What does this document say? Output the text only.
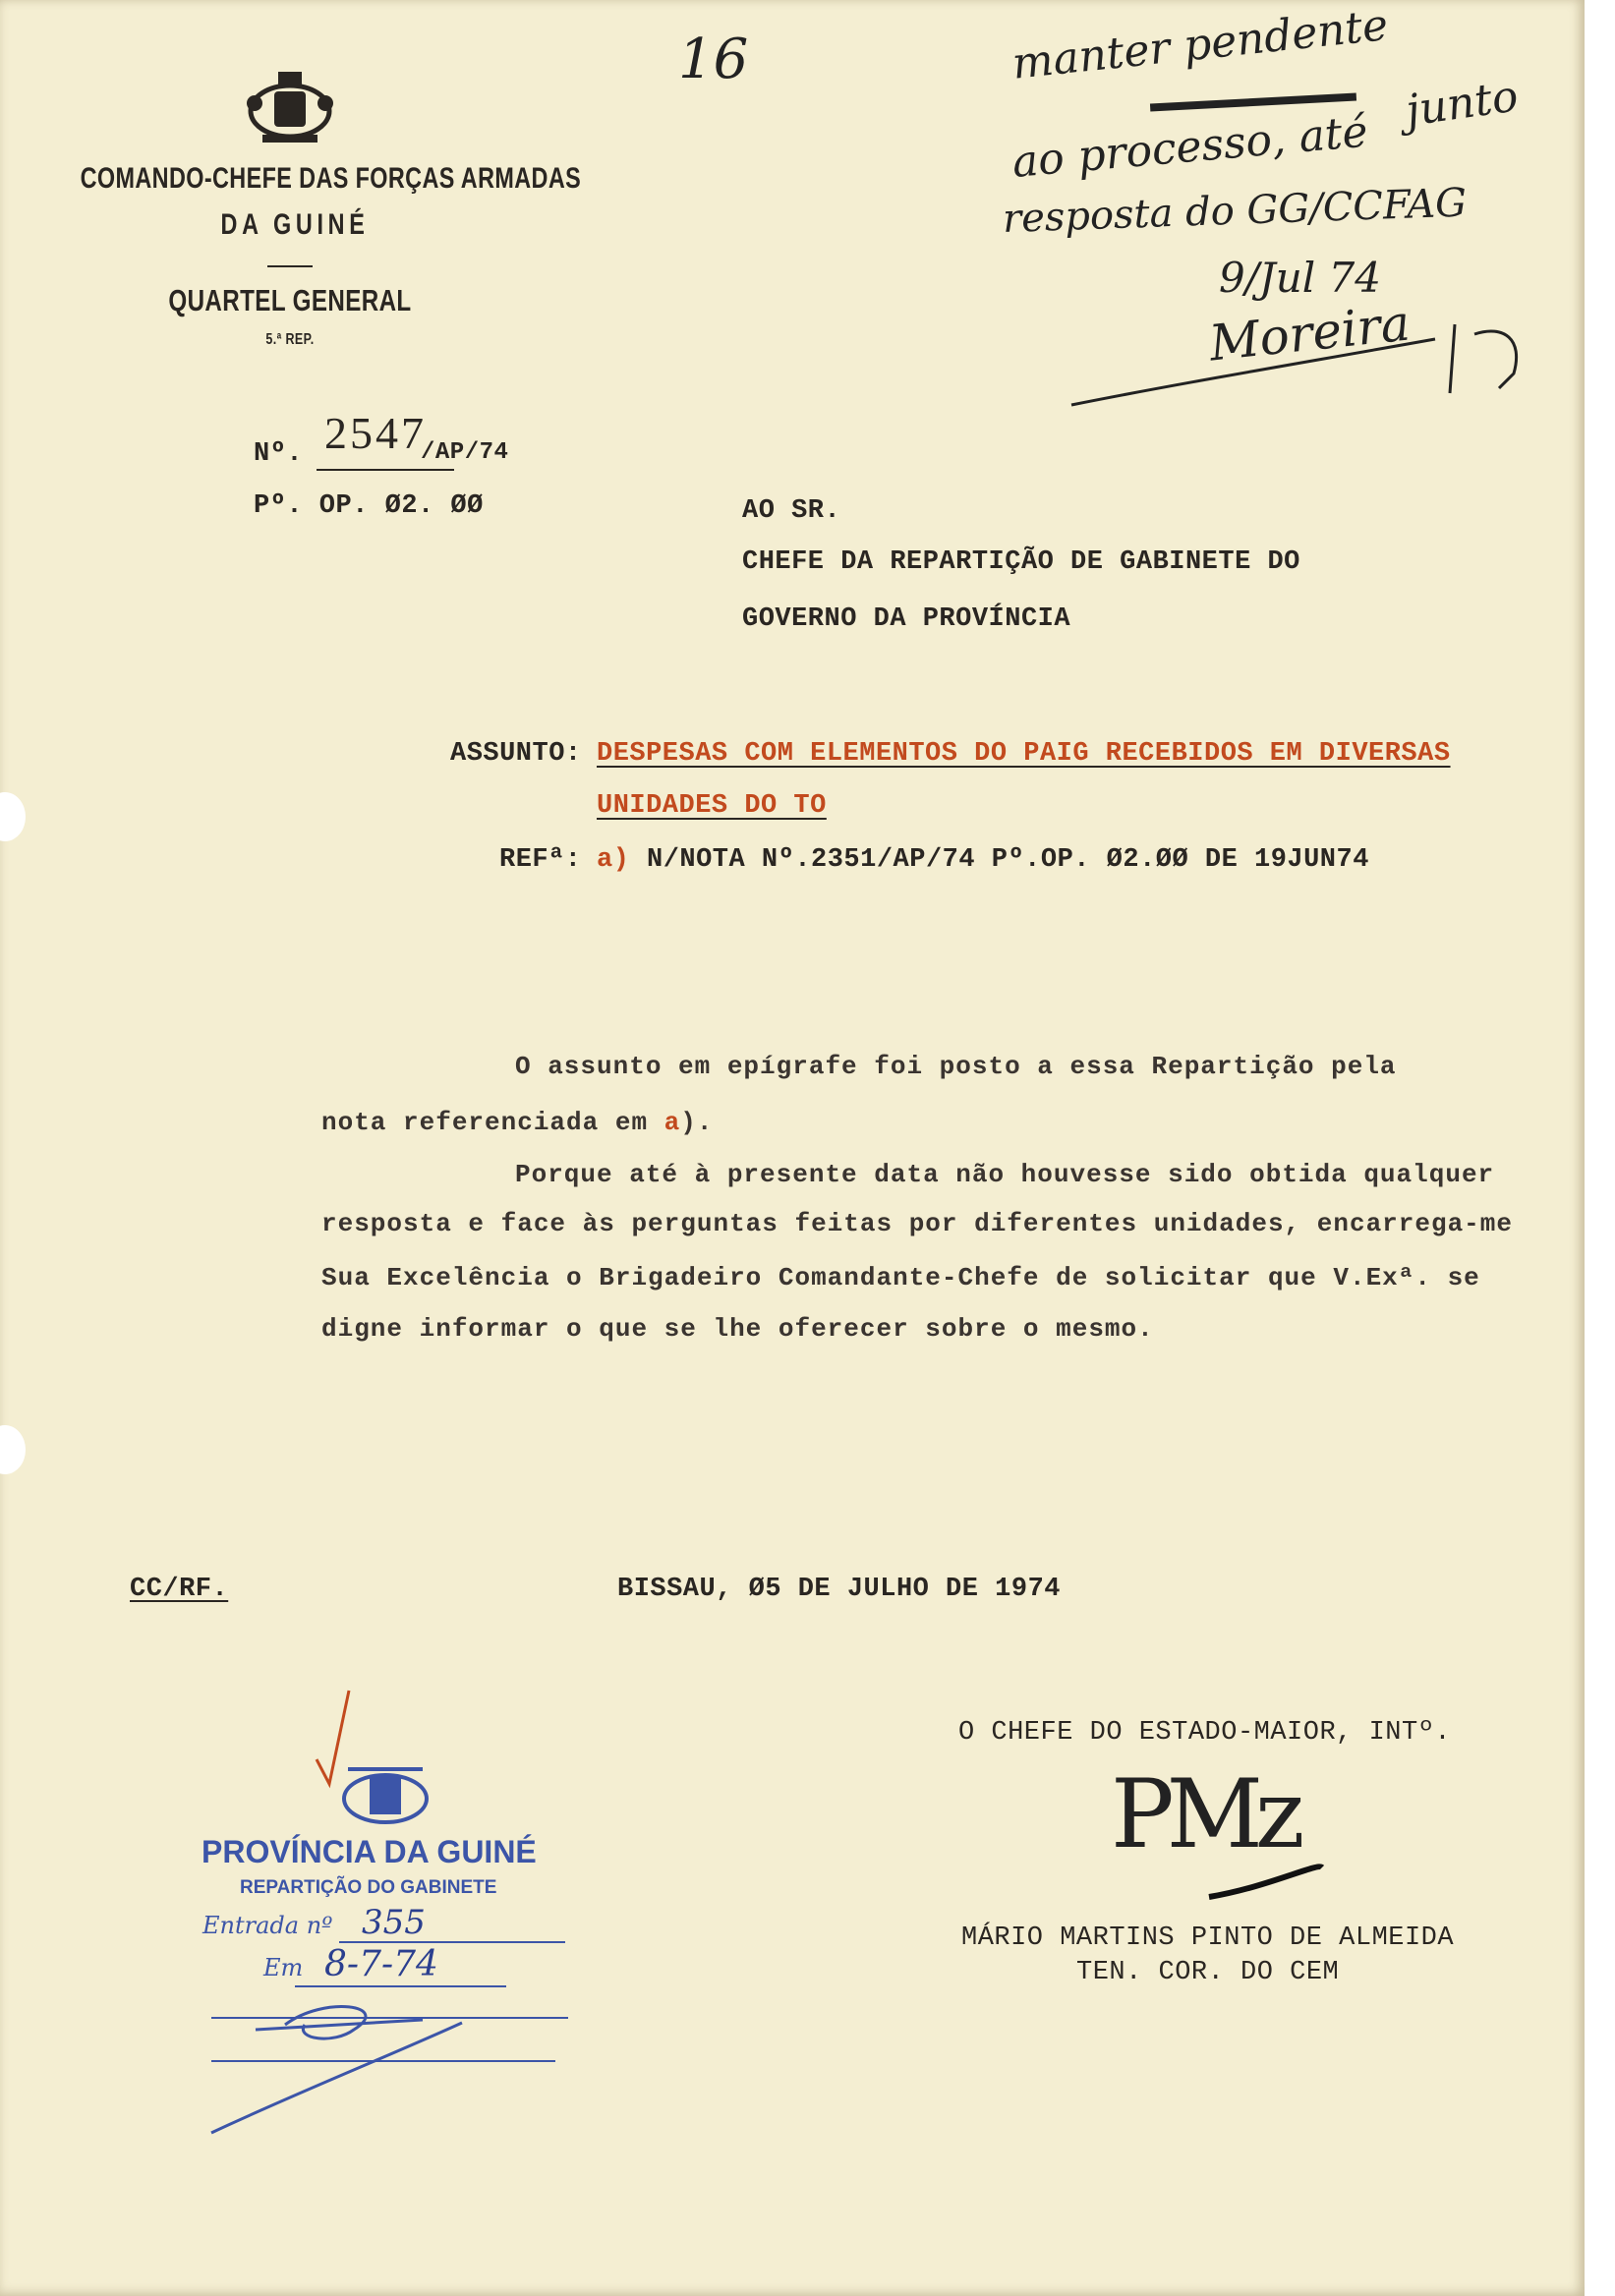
COMANDO-CHEFE DAS FORÇAS ARMADAS
DA GUINÉ
QUARTEL GENERAL
5.ª REP.
Nº. 2547
/AP/74
Pº. OP. Ø2. ØØ
16	manter pendente
junto
ao processo, até
resposta do GG/CCFAG
9/Jul 74
Moreira
AO SR.
CHEFE DA REPARTIÇÃO DE GABINETE DO
GOVERNO DA PROVÍNCIA
ASSUNTO: DESPESAS COM ELEMENTOS DO PAIG RECEBIDOS EM DIVERSAS
UNIDADES DO TO
REFª: a) N/NOTA Nº.2351/AP/74 Pº.OP. Ø2.ØØ DE 19JUN74
O assunto em epígrafe foi posto a essa Repartição pela
nota referenciada em a).
Porque até à presente data não houvesse sido obtida qualquer
resposta e face às perguntas feitas por diferentes unidades, encarrega-me
Sua Excelência o Brigadeiro Comandante-Chefe de solicitar que V.Exª. se
digne informar o que se lhe oferecer sobre o mesmo.
CC/RF.	BISSAU, Ø5 DE JULHO DE 1974
O CHEFE DO ESTADO-MAIOR, INTº.
PMz
MÁRIO MARTINS PINTO DE ALMEIDA
TEN. COR. DO CEM
PROVÍNCIA DA GUINÉ
REPARTIÇÃO DO GABINETE
Entrada nº 355
Em 8-7-74
